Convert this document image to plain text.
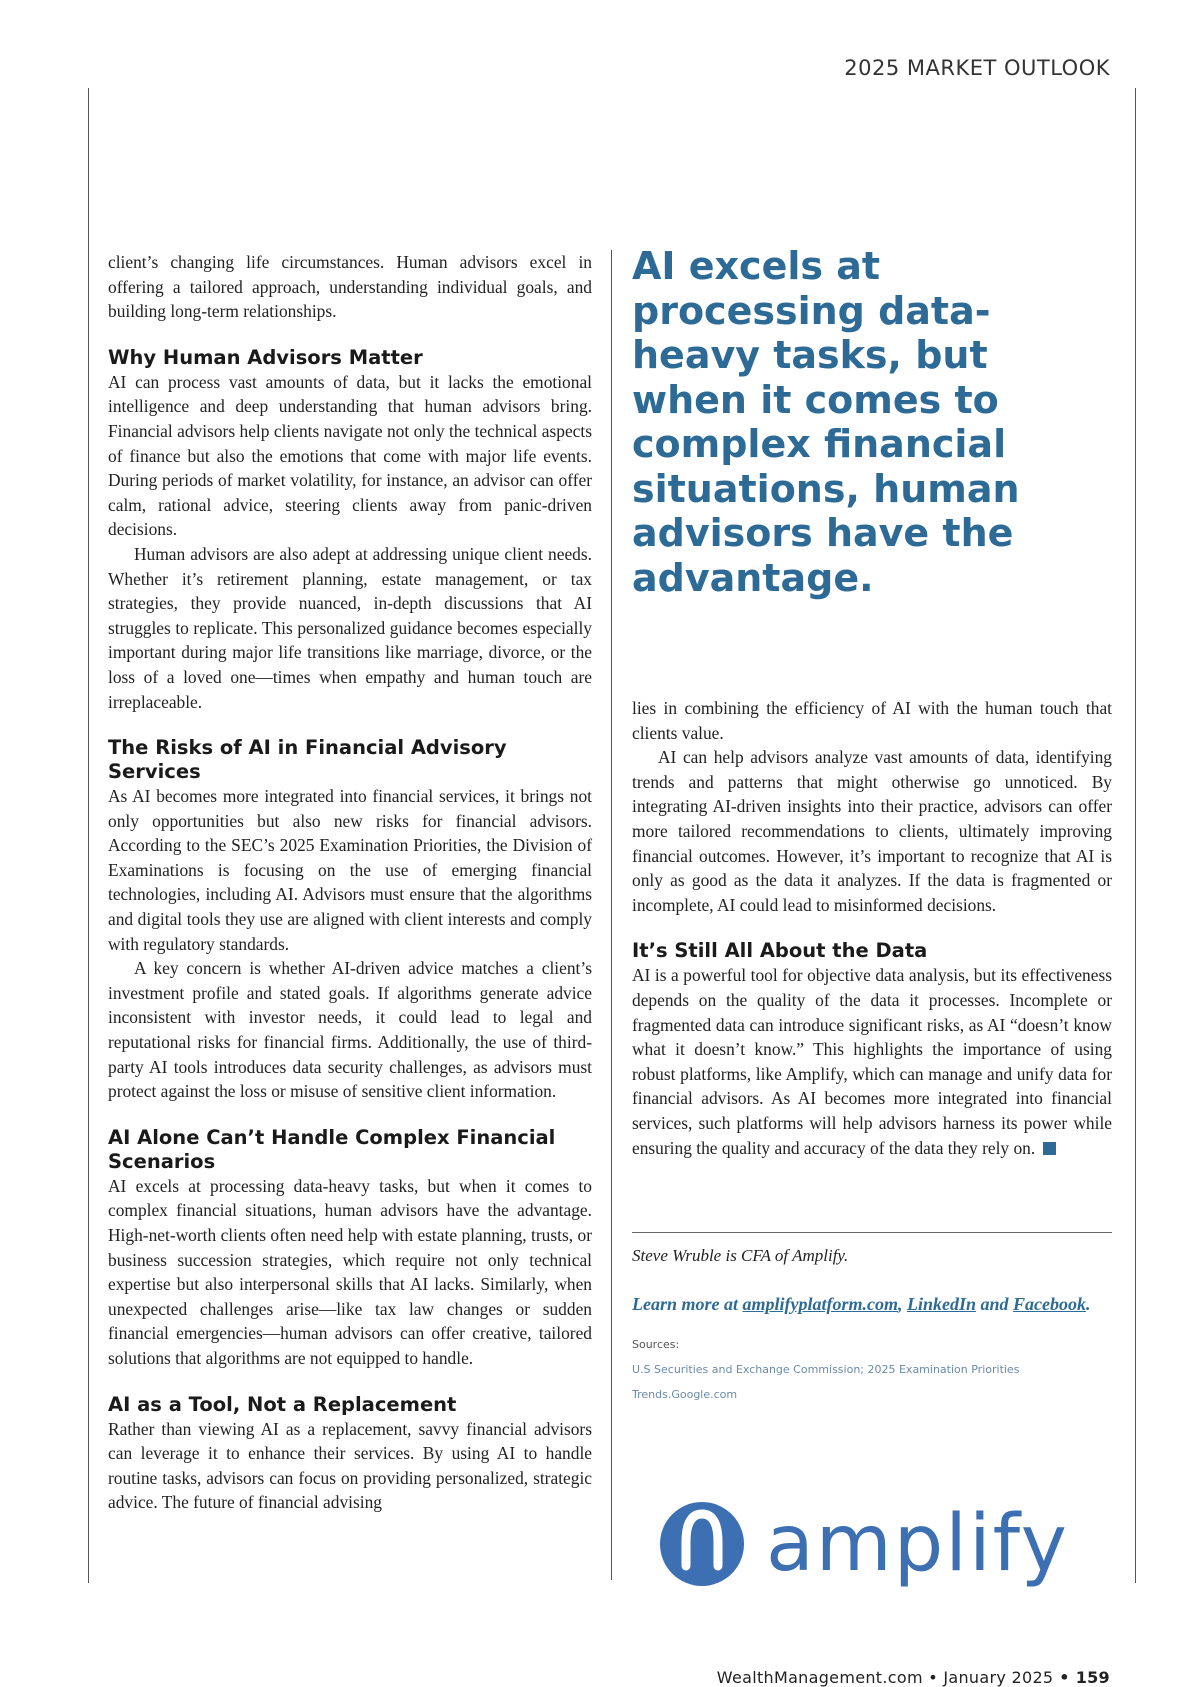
2025 MARKET OUTLOOK

client’s changing life circumstances. Human advisors excel in offering a tailored approach, understanding individual goals, and building long-term relationships.

Why Human Advisors Matter

AI can process vast amounts of data, but it lacks the emotional intelligence and deep understanding that human advisors bring. Financial advisors help clients navigate not only the technical aspects of finance but also the emotions that come with major life events. During periods of market volatility, for instance, an advisor can offer calm, rational advice, steering clients away from panic-driven decisions.

Human advisors are also adept at addressing unique client needs. Whether it’s retirement planning, estate management, or tax strategies, they provide nuanced, in-depth discussions that AI struggles to replicate. This personalized guidance becomes especially important during major life transitions like marriage, divorce, or the loss of a loved one—times when empathy and human touch are irreplaceable.

The Risks of AI in Financial Advisory Services

As AI becomes more integrated into financial services, it brings not only opportunities but also new risks for financial advisors. According to the SEC’s 2025 Examination Priorities, the Division of Examinations is focusing on the use of emerging financial technologies, including AI. Advisors must ensure that the algorithms and digital tools they use are aligned with client interests and comply with regulatory standards.

A key concern is whether AI-driven advice matches a client’s investment profile and stated goals. If algorithms generate advice inconsistent with investor needs, it could lead to legal and reputational risks for financial firms. Additionally, the use of third-party AI tools introduces data security challenges, as advisors must protect against the loss or misuse of sensitive client information.

AI Alone Can’t Handle Complex Financial Scenarios

AI excels at processing data-heavy tasks, but when it comes to complex financial situations, human advisors have the advantage. High-net-worth clients often need help with estate planning, trusts, or business succession strategies, which require not only technical expertise but also interpersonal skills that AI lacks. Similarly, when unexpected challenges arise—like tax law changes or sudden financial emergencies—human advisors can offer creative, tailored solutions that algorithms are not equipped to handle.

AI as a Tool, Not a Replacement

Rather than viewing AI as a replacement, savvy financial advisors can leverage it to enhance their services. By using AI to handle routine tasks, advisors can focus on providing personalized, strategic advice. The future of financial advising

AI excels at processing data-heavy tasks, but when it comes to complex financial situations, human advisors have the advantage.

lies in combining the efficiency of AI with the human touch that clients value.

AI can help advisors analyze vast amounts of data, identifying trends and patterns that might otherwise go unnoticed. By integrating AI-driven insights into their practice, advisors can offer more tailored recommendations to clients, ultimately improving financial outcomes. However, it’s important to recognize that AI is only as good as the data it analyzes. If the data is fragmented or incomplete, AI could lead to misinformed decisions.

It’s Still All About the Data

AI is a powerful tool for objective data analysis, but its effectiveness depends on the quality of the data it processes. Incomplete or fragmented data can introduce significant risks, as AI “doesn’t know what it doesn’t know.” This highlights the importance of using robust platforms, like Amplify, which can manage and unify data for financial advisors. As AI becomes more integrated into financial services, such platforms will help advisors harness its power while ensuring the quality and accuracy of the data they rely on.

Steve Wruble is CFA of Amplify.
Learn more at amplifyplatform.com, LinkedIn and Facebook.
Sources:
U.S Securities and Exchange Commission; 2025 Examination Priorities
Trends.Google.com
amplify
WealthManagement.com • January 2025 • 159
